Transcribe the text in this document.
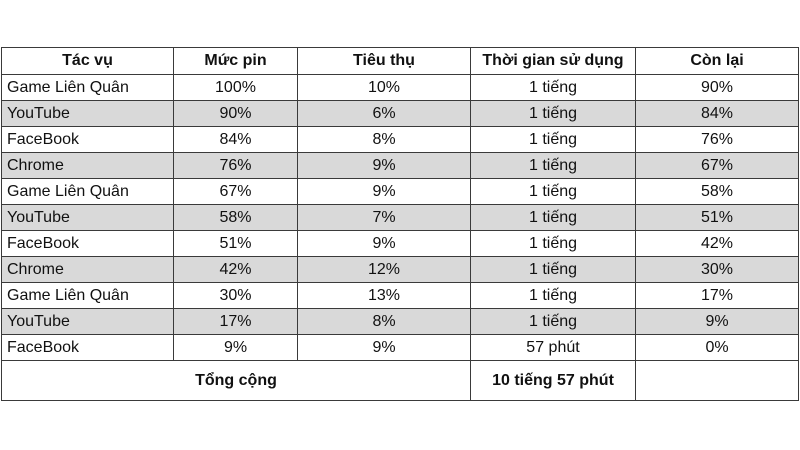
Tác vụ	Mức pin	Tiêu thụ	Thời gian sử dụng	Còn lại
Game Liên Quân	100%	10%	1 tiếng	90%
YouTube	90%	6%	1 tiếng	84%
FaceBook	84%	8%	1 tiếng	76%
Chrome	76%	9%	1 tiếng	67%
Game Liên Quân	67%	9%	1 tiếng	58%
YouTube	58%	7%	1 tiếng	51%
FaceBook	51%	9%	1 tiếng	42%
Chrome	42%	12%	1 tiếng	30%
Game Liên Quân	30%	13%	1 tiếng	17%
YouTube	17%	8%	1 tiếng	9%
FaceBook	9%	9%	57 phút	0%
Tổng cộng			10 tiếng 57 phút	
